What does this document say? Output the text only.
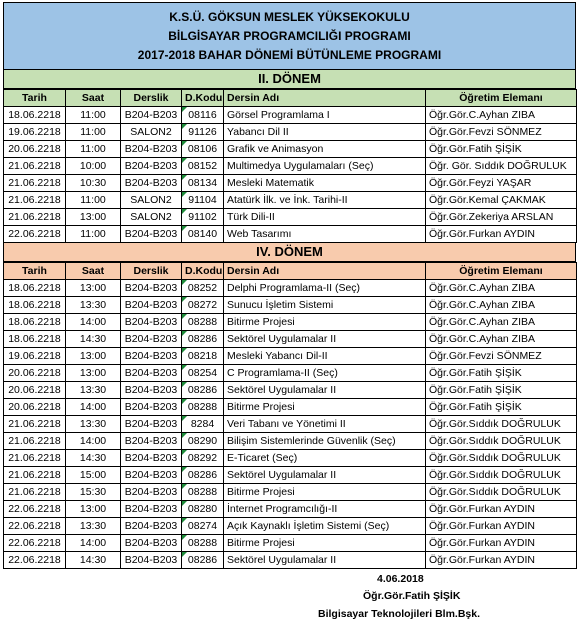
K.S.Ü. GÖKSUN MESLEK YÜKSEKOKULU
BİLGİSAYAR PROGRAMCILIĞI PROGRAMI
2017-2018 BAHAR DÖNEMİ BÜTÜNLEME PROGRAMI
II. DÖNEM
Tarih	Saat	Derslik	D.Kodu	Dersin Adı	Öğretim Elemanı
18.06.2218	11:00	B204-B203	08116	Görsel Programlama I	Öğr.Gör.C.Ayhan ZIBA
19.06.2218	11:00	SALON2	91126	Yabancı Dil II	Öğr.Gör.Fevzi SÖNMEZ
20.06.2218	11:00	B204-B203	08106	Grafik ve Animasyon	Öğr.Gör.Fatih ŞİŞİK
21.06.2218	10:00	B204-B203	08152	Multimedya Uygulamaları (Seç)	Öğr. Gör. Sıddık DOĞRULUK
21.06.2218	10:30	B204-B203	08134	Mesleki Matematik	Öğr.Gör.Feyzi YAŞAR
21.06.2218	11:00	SALON2	91104	Atatürk İlk. ve İnk. Tarihi-II	Öğr.Gör.Kemal ÇAKMAK
21.06.2218	13:00	SALON2	91102	Türk Dili-II	Öğr.Gör.Zekeriya ARSLAN
22.06.2218	11:00	B204-B203	08140	Web Tasarımı	Öğr.Gör.Furkan AYDIN
IV. DÖNEM
Tarih	Saat	Derslik	D.Kodu	Dersin Adı	Öğretim Elemanı
18.06.2218	13:00	B204-B203	08252	Delphi Programlama-II (Seç)	Öğr.Gör.C.Ayhan ZIBA
18.06.2218	13:30	B204-B203	08272	Sunucu İşletim Sistemi	Öğr.Gör.C.Ayhan ZIBA
18.06.2218	14:00	B204-B203	08288	Bitirme Projesi	Öğr.Gör.C.Ayhan ZIBA
18.06.2218	14:30	B204-B203	08286	Sektörel Uygulamalar II	Öğr.Gör.C.Ayhan ZIBA
19.06.2218	13:00	B204-B203	08218	Mesleki Yabancı Dil-II	Öğr.Gör.Fevzi SÖNMEZ
20.06.2218	13:00	B204-B203	08254	C Programlama-II (Seç)	Öğr.Gör.Fatih ŞİŞİK
20.06.2218	13:30	B204-B203	08286	Sektörel Uygulamalar II	Öğr.Gör.Fatih ŞİŞİK
20.06.2218	14:00	B204-B203	08288	Bitirme Projesi	Öğr.Gör.Fatih ŞİŞİK
21.06.2218	13:30	B204-B203	8284	Veri Tabanı ve Yönetimi II	Öğr.Gör.Sıddık DOĞRULUK
21.06.2218	14:00	B204-B203	08290	Bilişim Sistemlerinde Güvenlik (Seç)	Öğr.Gör.Sıddık DOĞRULUK
21.06.2218	14:30	B204-B203	08292	E-Ticaret (Seç)	Öğr.Gör.Sıddık DOĞRULUK
21.06.2218	15:00	B204-B203	08286	Sektörel Uygulamalar II	Öğr.Gör.Sıddık DOĞRULUK
21.06.2218	15:30	B204-B203	08288	Bitirme Projesi	Öğr.Gör.Sıddık DOĞRULUK
22.06.2218	13:00	B204-B203	08280	İnternet Programcılığı-II	Öğr.Gör.Furkan AYDIN
22.06.2218	13:30	B204-B203	08274	Açık Kaynaklı İşletim Sistemi (Seç)	Öğr.Gör.Furkan AYDIN
22.06.2218	14:00	B204-B203	08288	Bitirme Projesi	Öğr.Gör.Furkan AYDIN
22.06.2218	14:30	B204-B203	08286	Sektörel Uygulamalar II	Öğr.Gör.Furkan AYDIN
4.06.2018
Öğr.Gör.Fatih ŞİŞİK
Bilgisayar Teknolojileri Blm.Bşk.
